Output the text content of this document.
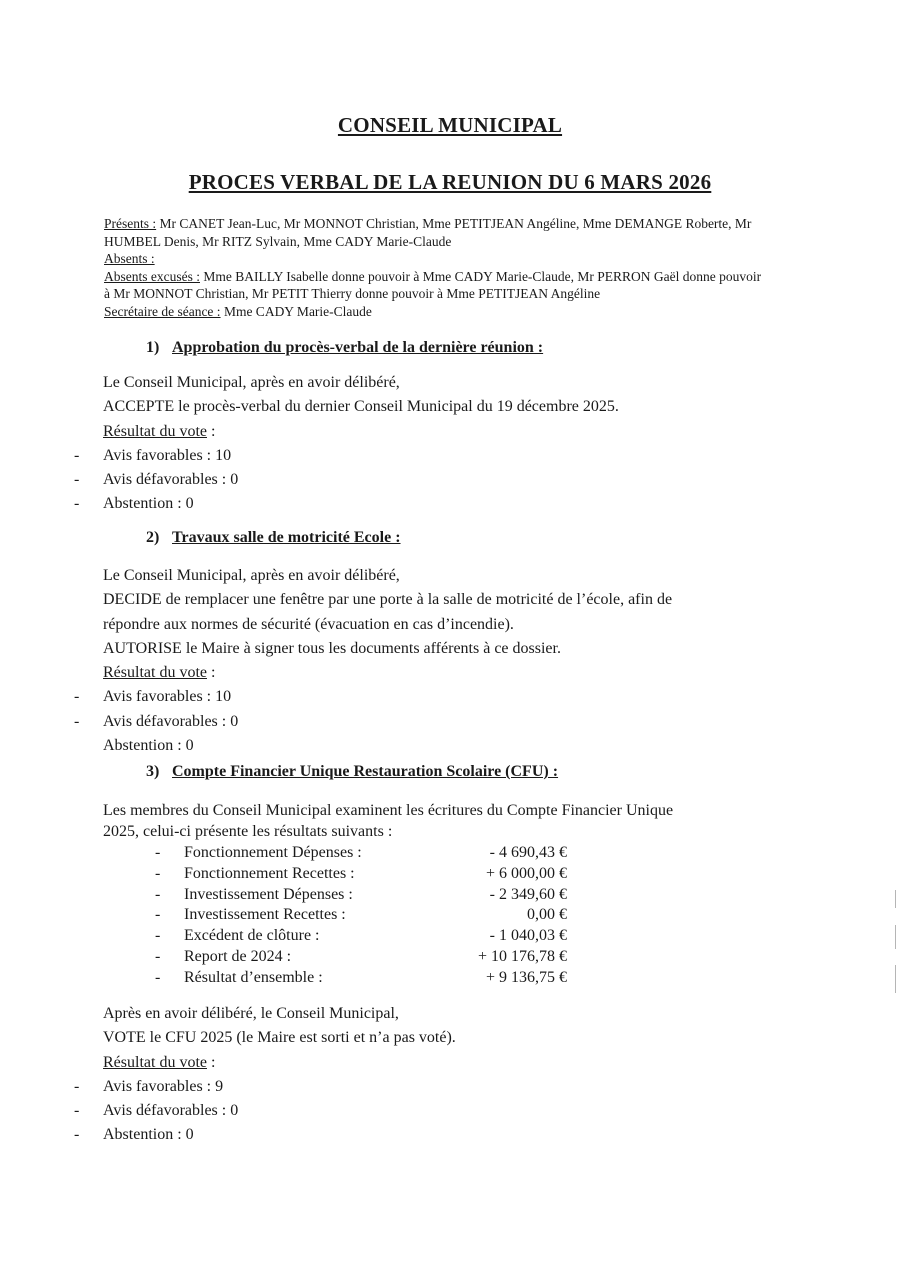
CONSEIL MUNICIPAL
PROCES VERBAL DE LA REUNION DU 6 MARS 2026
Présents : Mr CANET Jean-Luc, Mr MONNOT Christian, Mme PETITJEAN Angéline, Mme DEMANGE Roberte, Mr HUMBEL Denis, Mr RITZ Sylvain, Mme CADY Marie-Claude
Absents :
Absents excusés : Mme BAILLY Isabelle donne pouvoir à Mme CADY Marie-Claude, Mr PERRON Gaël donne pouvoir à Mr MONNOT Christian, Mr PETIT Thierry donne pouvoir à Mme PETITJEAN Angéline
Secrétaire de séance : Mme CADY Marie-Claude
1) Approbation du procès-verbal de la dernière réunion :
Le Conseil Municipal, après en avoir délibéré,
ACCEPTE le procès-verbal du dernier Conseil Municipal du 19 décembre 2025.
Résultat du vote :
- Avis favorables : 10
- Avis défavorables : 0
- Abstention : 0
2) Travaux salle de motricité Ecole :
Le Conseil Municipal, après en avoir délibéré,
DECIDE de remplacer une fenêtre par une porte à la salle de motricité de l’école, afin de
répondre aux normes de sécurité (évacuation en cas d’incendie).
AUTORISE le Maire à signer tous les documents afférents à ce dossier.
Résultat du vote :
- Avis favorables : 10
- Avis défavorables : 0
Abstention : 0
3) Compte Financier Unique Restauration Scolaire (CFU) :
Les membres du Conseil Municipal examinent les écritures du Compte Financier Unique
2025, celui-ci présente les résultats suivants :
-	Fonctionnement Dépenses :	- 4 690,43 €
-	Fonctionnement Recettes :	+ 6 000,00 €
-	Investissement Dépenses :	- 2 349,60 €
-	Investissement Recettes :	0,00 €
-	Excédent de clôture :	- 1 040,03 €
-	Report de 2024 :	+ 10 176,78 €
-	Résultat d’ensemble :	+ 9 136,75 €
Après en avoir délibéré, le Conseil Municipal,
VOTE le CFU 2025 (le Maire est sorti et n’a pas voté).
Résultat du vote :
- Avis favorables : 9
- Avis défavorables : 0
- Abstention : 0
